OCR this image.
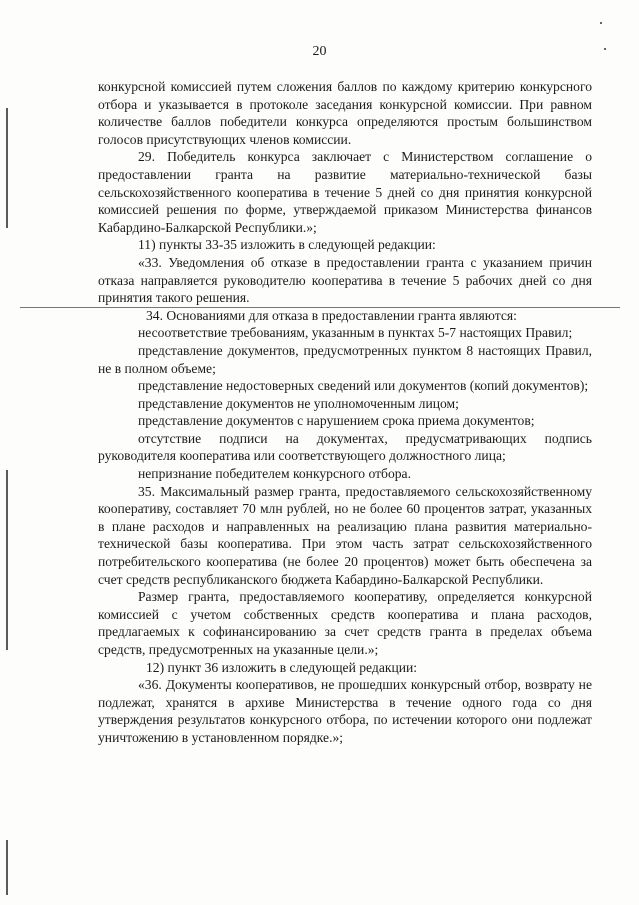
20

конкурсной комиссией путем сложения баллов по каждому критерию конкурсного отбора и указывается в протоколе заседания конкурсной комиссии. При равном количестве баллов победители конкурса определяются простым большинством голосов присутствующих членов комиссии.

29. Победитель конкурса заключает с Министерством соглашение о предоставлении гранта на развитие материально-технической базы сельскохозяйственного кооператива в течение 5 дней со дня принятия конкурсной комиссией решения по форме, утверждаемой приказом Министерства финансов Кабардино-Балкарской Республики.»;

11) пункты 33-35 изложить в следующей редакции:

«33. Уведомления об отказе в предоставлении гранта с указанием причин отказа направляется руководителю кооператива в течение 5 рабочих дней со дня принятия такого решения.

34. Основаниями для отказа в предоставлении гранта являются:

несоответствие требованиям, указанным в пунктах 5-7 настоящих Правил;

представление документов, предусмотренных пунктом 8 настоящих Правил, не в полном объеме;

представление недостоверных сведений или документов (копий документов);

представление документов не уполномоченным лицом;

представление документов с нарушением срока приема документов;

отсутствие подписи на документах, предусматривающих подпись руководителя кооператива или соответствующего должностного лица;

непризнание победителем конкурсного отбора.

35. Максимальный размер гранта, предоставляемого сельскохозяйственному кооперативу, составляет 70 млн рублей, но не более 60 процентов затрат, указанных в плане расходов и направленных на реализацию плана развития материально-технической базы кооператива. При этом часть затрат сельскохозяйственного потребительского кооператива (не более 20 процентов) может быть обеспечена за счет средств республиканского бюджета Кабардино-Балкарской Республики.

Размер гранта, предоставляемого кооперативу, определяется конкурсной комиссией с учетом собственных средств кооператива и плана расходов, предлагаемых к софинансированию за счет средств гранта в пределах объема средств, предусмотренных на указанные цели.»;

12) пункт 36 изложить в следующей редакции:

«36. Документы кооперативов, не прошедших конкурсный отбор, возврату не подлежат, хранятся в архиве Министерства в течение одного года со дня утверждения результатов конкурсного отбора, по истечении которого они подлежат уничтожению в установленном порядке.»;
